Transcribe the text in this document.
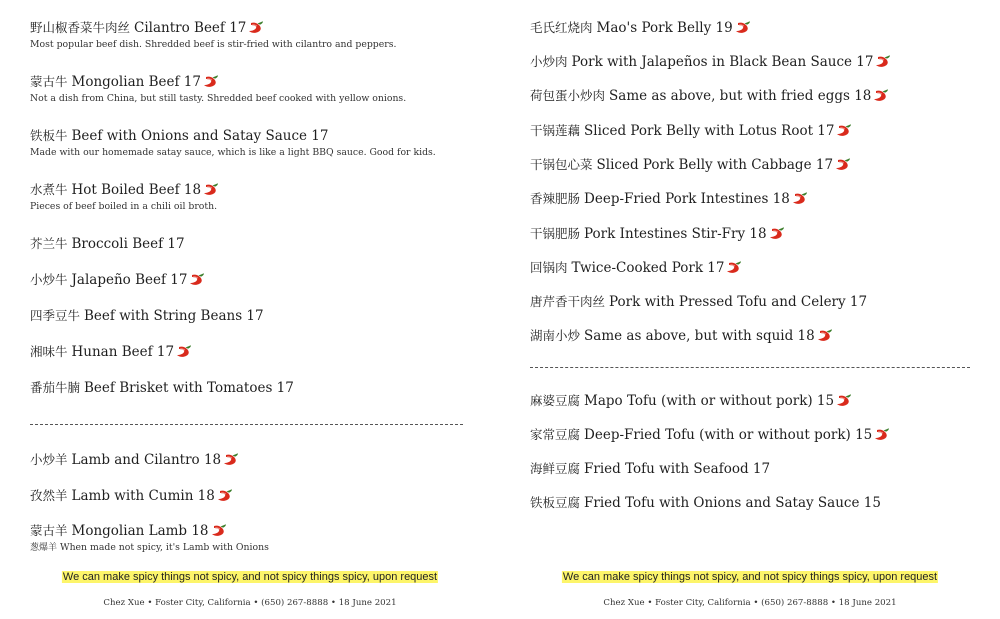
野山椒香菜牛肉丝 Cilantro Beef 17
Most popular beef dish. Shredded beef is stir-fried with cilantro and peppers.
蒙古牛 Mongolian Beef 17
Not a dish from China, but still tasty. Shredded beef cooked with yellow onions.
铁板牛 Beef with Onions and Satay Sauce 17
Made with our homemade satay sauce, which is like a light BBQ sauce. Good for kids.
水煮牛 Hot Boiled Beef 18
Pieces of beef boiled in a chili oil broth.
芥兰牛 Broccoli Beef 17
小炒牛 Jalapeño Beef 17
四季豆牛 Beef with String Beans 17
湘味牛 Hunan Beef 17
番茄牛腩 Beef Brisket with Tomatoes 17
小炒羊 Lamb and Cilantro 18
孜然羊 Lamb with Cumin 18
蒙古羊 Mongolian Lamb 18
葱爆羊 When made not spicy, it's Lamb with Onions
毛氏红烧肉 Mao's Pork Belly 19
小炒肉 Pork with Jalapeños in Black Bean Sauce 17
荷包蛋小炒肉 Same as above, but with fried eggs 18
干锅莲藕 Sliced Pork Belly with Lotus Root 17
干锅包心菜 Sliced Pork Belly with Cabbage 17
香辣肥肠 Deep-Fried Pork Intestines 18
干锅肥肠 Pork Intestines Stir-Fry 18
回锅肉 Twice-Cooked Pork 17
唐芹香干肉丝 Pork with Pressed Tofu and Celery 17
湖南小炒 Same as above, but with squid 18
麻婆豆腐 Mapo Tofu (with or without pork) 15
家常豆腐 Deep-Fried Tofu (with or without pork) 15
海鲜豆腐 Fried Tofu with Seafood 17
铁板豆腐 Fried Tofu with Onions and Satay Sauce 15
We can make spicy things not spicy, and not spicy things spicy, upon request
Chez Xue • Foster City, California • (650) 267-8888 • 18 June 2021
We can make spicy things not spicy, and not spicy things spicy, upon request
Chez Xue • Foster City, California • (650) 267-8888 • 18 June 2021
